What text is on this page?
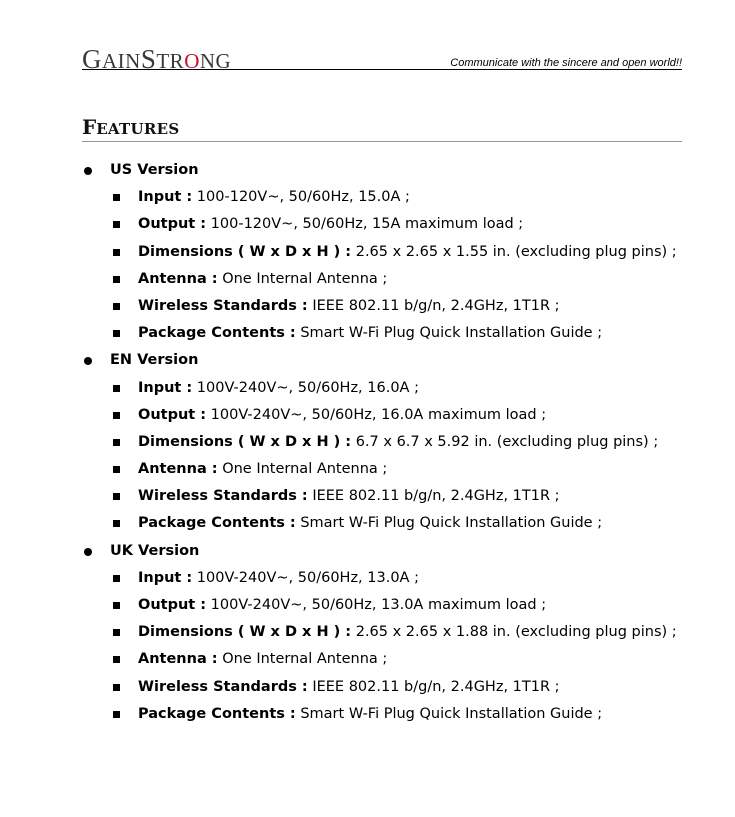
GAINSTRONG	Communicate with the sincere and open world!!
FEATURES
US Version
Input : 100-120V~, 50/60Hz, 15.0A ;
Output : 100-120V~, 50/60Hz, 15A maximum load ;
Dimensions ( W x D x H ) : 2.65 x 2.65 x 1.55 in. (excluding plug pins) ;
Antenna : One Internal Antenna ;
Wireless Standards : IEEE 802.11 b/g/n, 2.4GHz, 1T1R ;
Package Contents : Smart W-Fi Plug Quick Installation Guide ;
EN Version
Input : 100V-240V~, 50/60Hz, 16.0A ;
Output : 100V-240V~, 50/60Hz, 16.0A maximum load ;
Dimensions ( W x D x H ) : 6.7 x 6.7 x 5.92 in. (excluding plug pins) ;
Antenna : One Internal Antenna ;
Wireless Standards : IEEE 802.11 b/g/n, 2.4GHz, 1T1R ;
Package Contents : Smart W-Fi Plug Quick Installation Guide ;
UK Version
Input : 100V-240V~, 50/60Hz, 13.0A ;
Output : 100V-240V~, 50/60Hz, 13.0A maximum load ;
Dimensions ( W x D x H ) : 2.65 x 2.65 x 1.88 in. (excluding plug pins) ;
Antenna : One Internal Antenna ;
Wireless Standards : IEEE 802.11 b/g/n, 2.4GHz, 1T1R ;
Package Contents : Smart W-Fi Plug Quick Installation Guide ;
